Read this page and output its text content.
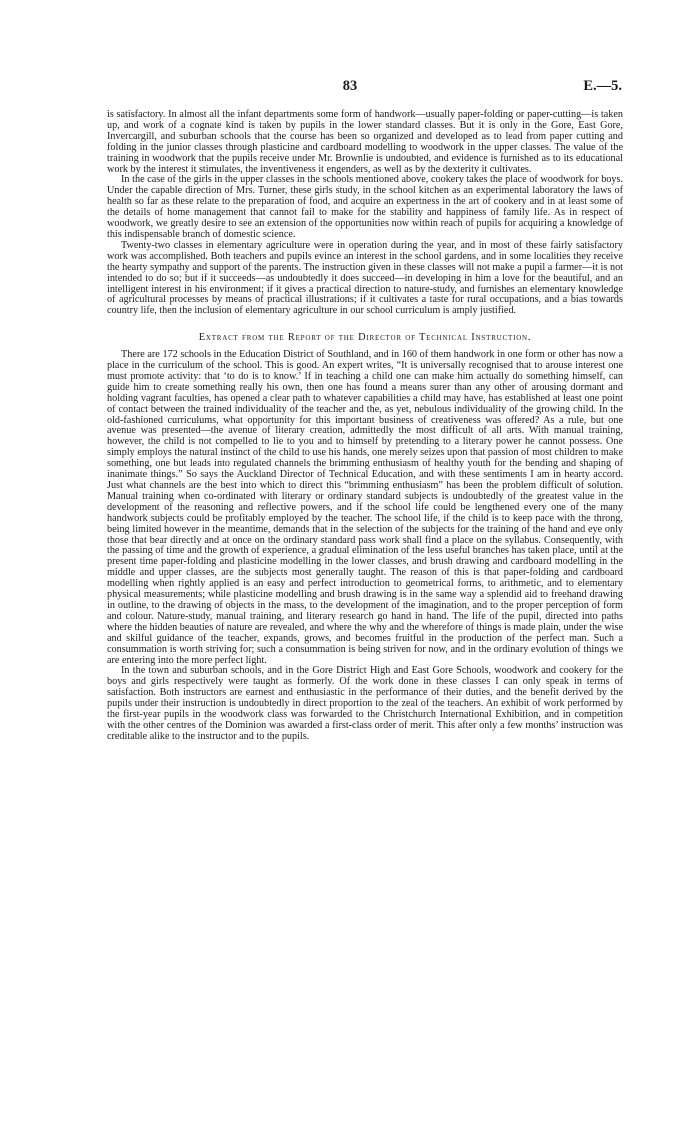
83	E.—5.

is satisfactory. In almost all the infant departments some form of handwork—usually paper-folding or paper-cutting—is taken up, and work of a cognate kind is taken by pupils in the lower standard classes. But it is only in the Gore, East Gore, Invercargill, and suburban schools that the course has been so organized and developed as to lead from paper cutting and folding in the junior classes through plasticine and cardboard modelling to woodwork in the upper classes. The value of the training in woodwork that the pupils receive under Mr. Brownlie is undoubted, and evidence is furnished as to its educational work by the interest it stimulates, the inventiveness it engenders, as well as by the dexterity it cultivates.

In the case of the girls in the upper classes in the schools mentioned above, cookery takes the place of woodwork for boys. Under the capable direction of Mrs. Turner, these girls study, in the school kitchen as an experimental laboratory the laws of health so far as these relate to the preparation of food, and acquire an expertness in the art of cookery and in at least some of the details of home management that cannot fail to make for the stability and happiness of family life. As in respect of woodwork, we greatly desire to see an extension of the opportunities now within reach of pupils for acquiring a knowledge of this indispensable branch of domestic science.

Twenty-two classes in elementary agriculture were in operation during the year, and in most of these fairly satisfactory work was accomplished. Both teachers and pupils evince an interest in the school gardens, and in some localities they receive the hearty sympathy and support of the parents. The instruction given in these classes will not make a pupil a farmer—it is not intended to do so; but if it succeeds—as undoubtedly it does succeed—in developing in him a love for the beautiful, and an intelligent interest in his environment; if it gives a practical direction to nature-study, and furnishes an elementary knowledge of agricultural processes by means of practical illustrations; if it cultivates a taste for rural occupations, and a bias towards country life, then the inclusion of elementary agriculture in our school curriculum is amply justified.

Extract from the Report of the Director of Technical Instruction.

There are 172 schools in the Education District of Southland, and in 160 of them handwork in one form or other has now a place in the curriculum of the school. This is good. An expert writes, “It is universally recognised that to arouse interest one must promote activity: that ‘to do is to know.’ If in teaching a child one can make him actually do something himself, can guide him to create something really his own, then one has found a means surer than any other of arousing dormant and holding vagrant faculties, has opened a clear path to whatever capabilities a child may have, has established at least one point of contact between the trained individuality of the teacher and the, as yet, nebulous individuality of the growing child. In the old-fashioned curriculums, what opportunity for this important business of creativeness was offered? As a rule, but one avenue was presented—the avenue of literary creation, admittedly the most difficult of all arts. With manual training, however, the child is not compelled to lie to you and to himself by pretending to a literary power he cannot possess. One simply employs the natural instinct of the child to use his hands, one merely seizes upon that passion of most children to make something, one but leads into regulated channels the brimming enthusiasm of healthy youth for the bending and shaping of inanimate things.” So says the Auckland Director of Technical Education, and with these sentiments I am in hearty accord. Just what channels are the best into which to direct this “brimming enthusiasm” has been the problem difficult of solution. Manual training when co-ordinated with literary or ordinary standard subjects is undoubtedly of the greatest value in the development of the reasoning and reflective powers, and if the school life could be lengthened every one of the many handwork subjects could be profitably employed by the teacher. The school life, if the child is to keep pace with the throng, being limited however in the meantime, demands that in the selection of the subjects for the training of the hand and eye only those that bear directly and at once on the ordinary standard pass work shall find a place on the syllabus. Consequently, with the passing of time and the growth of experience, a gradual elimination of the less useful branches has taken place, until at the present time paper-folding and plasticine modelling in the lower classes, and brush drawing and cardboard modelling in the middle and upper classes, are the subjects most generally taught. The reason of this is that paper-folding and cardboard modelling when rightly applied is an easy and perfect introduction to geometrical forms, to arithmetic, and to elementary physical measurements; while plasticine modelling and brush drawing is in the same way a splendid aid to freehand drawing in outline, to the drawing of objects in the mass, to the development of the imagination, and to the proper perception of form and colour. Nature-study, manual training, and literary research go hand in hand. The life of the pupil, directed into paths where the hidden beauties of nature are revealed, and where the why and the wherefore of things is made plain, under the wise and skilful guidance of the teacher, expands, grows, and becomes fruitful in the production of the perfect man. Such a consummation is worth striving for; such a consummation is being striven for now, and in the ordinary evolution of things we are entering into the more perfect light.

In the town and suburban schools, and in the Gore District High and East Gore Schools, woodwork and cookery for the boys and girls respectively were taught as formerly. Of the work done in these classes I can only speak in terms of satisfaction. Both instructors are earnest and enthusiastic in the performance of their duties, and the benefit derived by the pupils under their instruction is undoubtedly in direct proportion to the zeal of the teachers. An exhibit of work performed by the first-year pupils in the woodwork class was forwarded to the Christchurch International Exhibition, and in competition with the other centres of the Dominion was awarded a first-class order of merit. This after only a few months’ instruction was creditable alike to the instructor and to the pupils.
